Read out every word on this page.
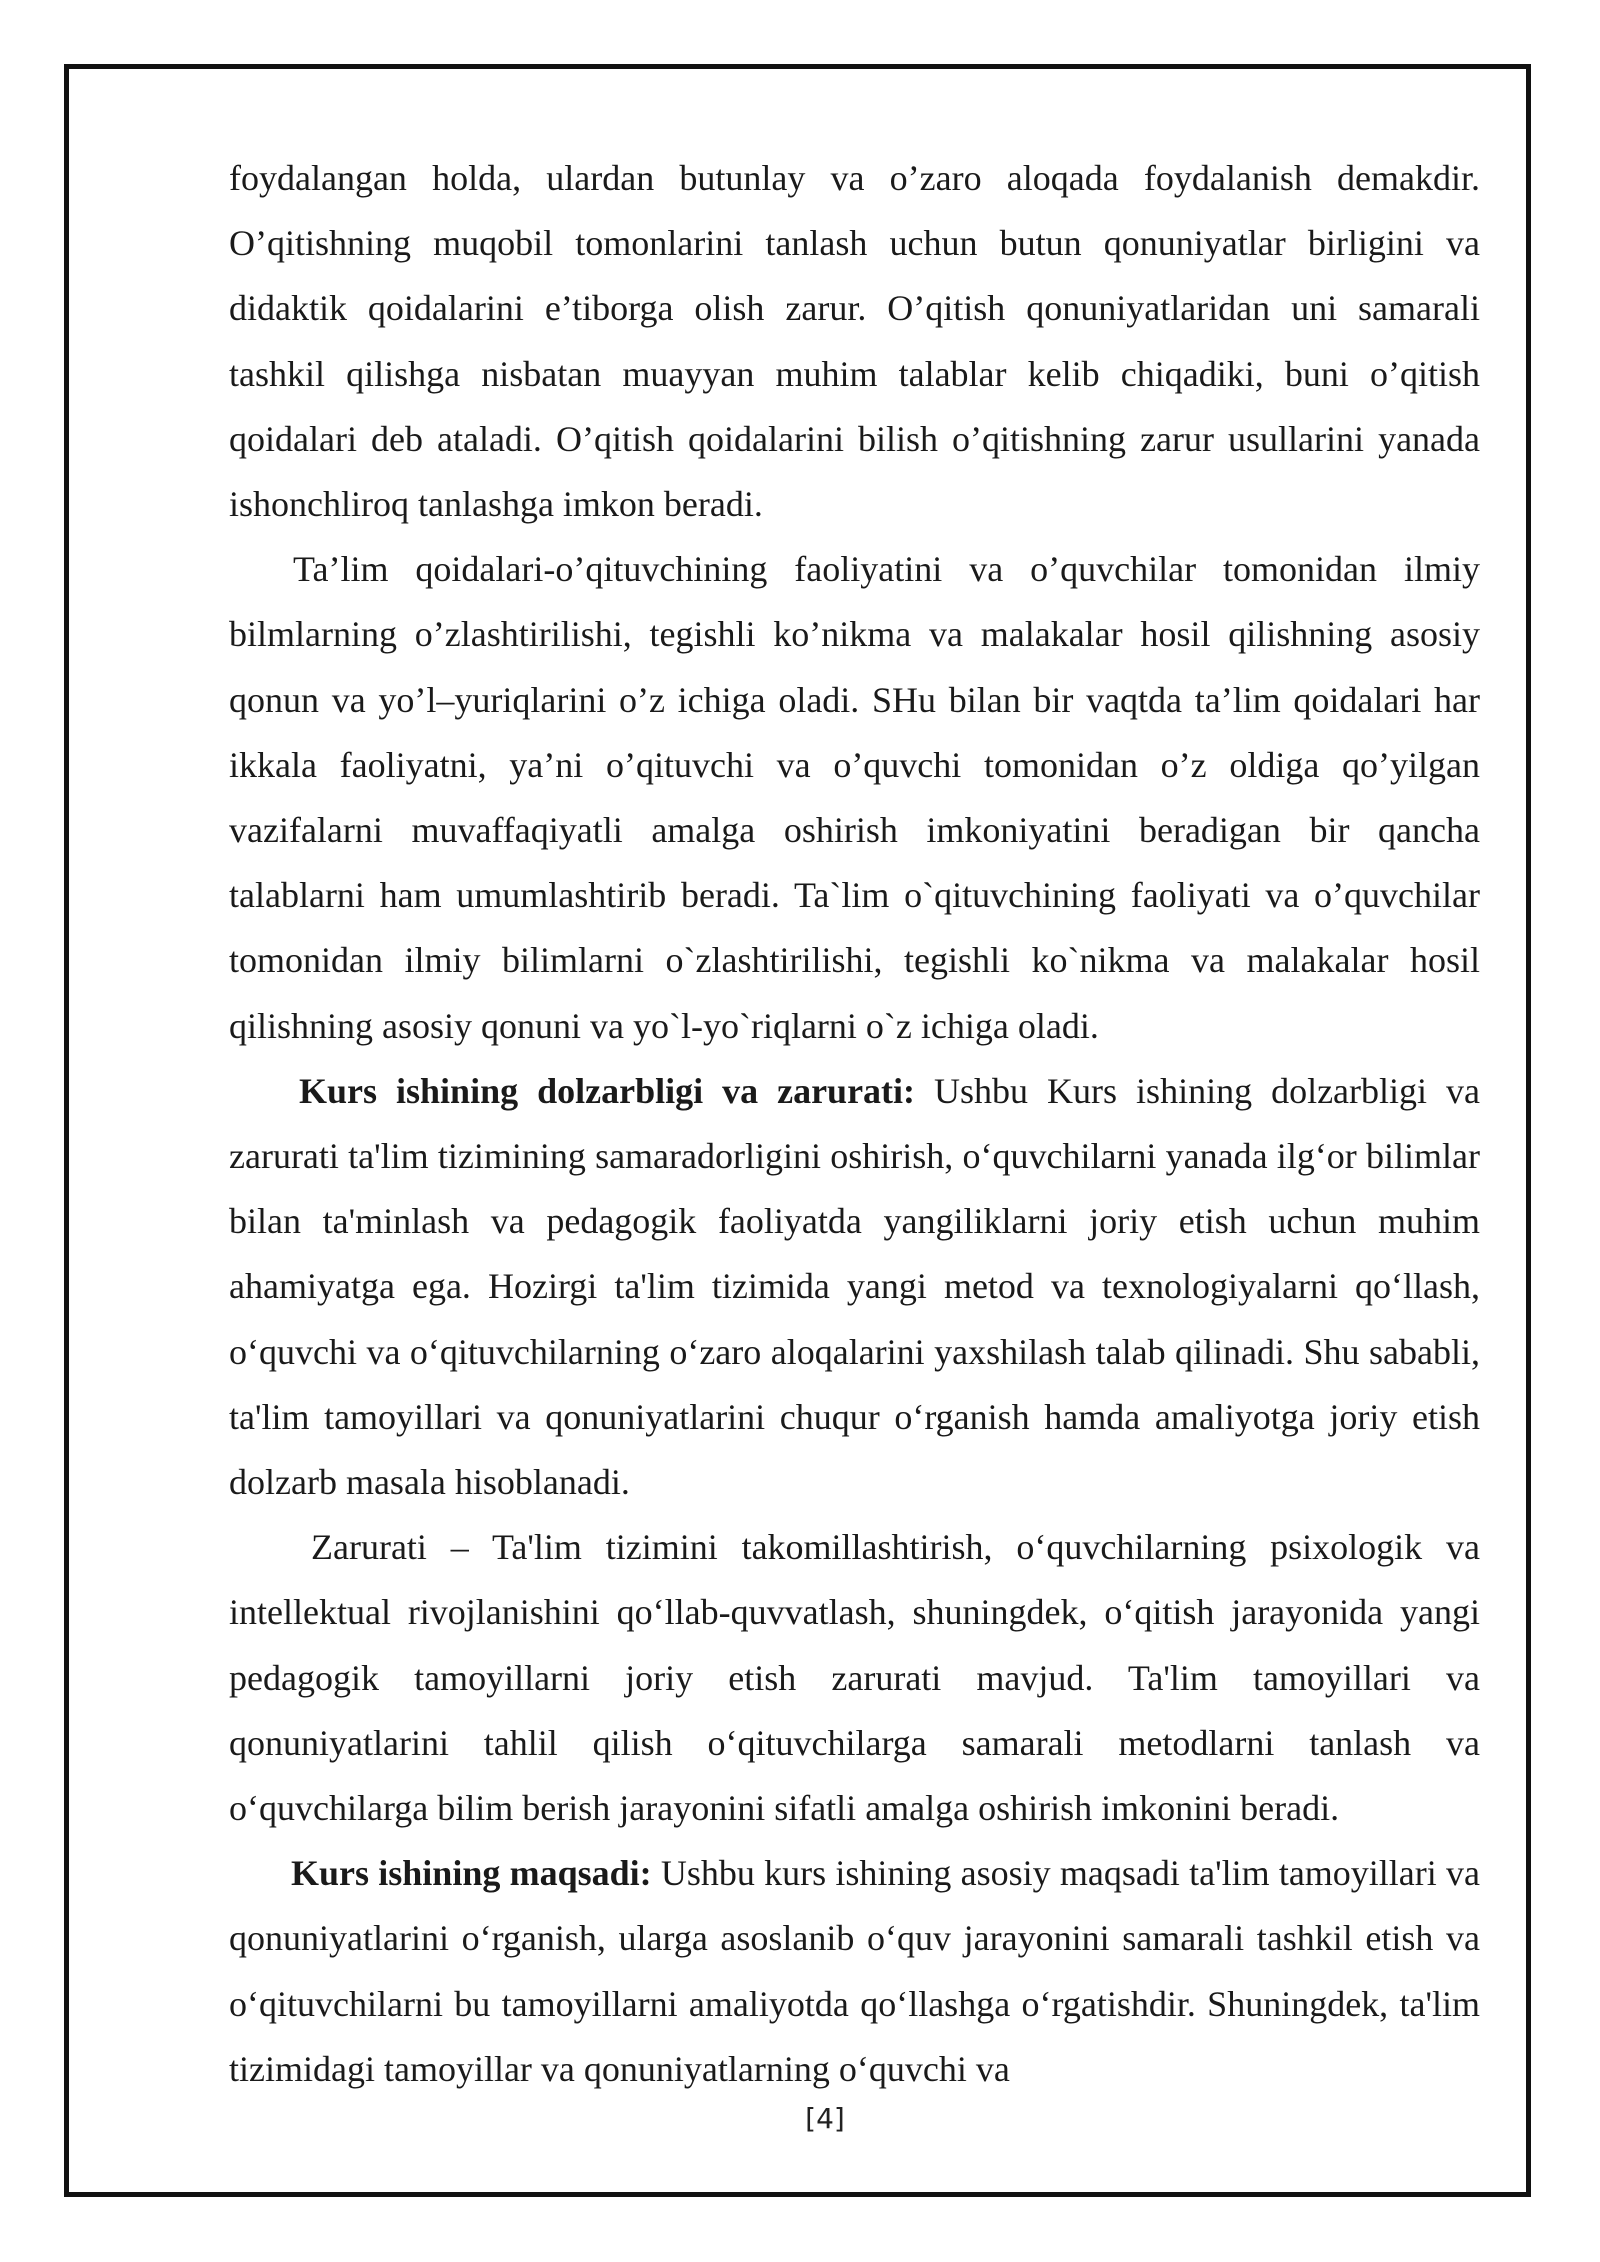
foydalangan holda, ulardan butunlay va o’zaro aloqada foydalanish demakdir. O’qitishning muqobil tomonlarini tanlash uchun butun qonuniyatlar birligini va didaktik qoidalarini e’tiborga olish zarur. O’qitish qonuniyatlaridan uni samarali tashkil qilishga nisbatan muayyan muhim talablar kelib chiqadiki, buni o’qitish qoidalari deb ataladi. O’qitish qoidalarini bilish o’qitishning zarur usullarini yanada ishonchliroq tanlashga imkon beradi.

Ta’lim qoidalari-o’qituvchining faoliyatini va o’quvchilar tomonidan ilmiy bilmlarning o’zlashtirilishi, tegishli ko’nikma va malakalar hosil qilishning asosiy qonun va yo’l–yuriqlarini o’z ichiga oladi. SHu bilan bir vaqtda ta’lim qoidalari har ikkala faoliyatni, ya’ni o’qituvchi va o’quvchi tomonidan o’z oldiga qo’yilgan vazifalarni muvaffaqiyatli amalga oshirish imkoniyatini beradigan bir qancha talablarni ham umumlashtirib beradi. Ta`lim o`qituvchining faoliyati va o’quvchilar tomonidan ilmiy bilimlarni o`zlashtirilishi, tegishli ko`nikma va malakalar hosil qilishning asosiy qonuni va yo`l-yo`riqlarni o`z ichiga oladi.

Kurs ishining dolzarbligi va zarurati: Ushbu Kurs ishining dolzarbligi va zarurati ta'lim tizimining samaradorligini oshirish, o‘quvchilarni yanada ilg‘or bilimlar bilan ta'minlash va pedagogik faoliyatda yangiliklarni joriy etish uchun muhim ahamiyatga ega. Hozirgi ta'lim tizimida yangi metod va texnologiyalarni qo‘llash, o‘quvchi va o‘qituvchilarning o‘zaro aloqalarini yaxshilash talab qilinadi. Shu sababli, ta'lim tamoyillari va qonuniyatlarini chuqur o‘rganish hamda amaliyotga joriy etish dolzarb masala hisoblanadi.

Zarurati – Ta'lim tizimini takomillashtirish, o‘quvchilarning psixologik va intellektual rivojlanishini qo‘llab-quvvatlash, shuningdek, o‘qitish jarayonida yangi pedagogik tamoyillarni joriy etish zarurati mavjud. Ta'lim tamoyillari va qonuniyatlarini tahlil qilish o‘qituvchilarga samarali metodlarni tanlash va o‘quvchilarga bilim berish jarayonini sifatli amalga oshirish imkonini beradi.

Kurs ishining maqsadi: Ushbu kurs ishining asosiy maqsadi ta'lim tamoyillari va qonuniyatlarini o‘rganish, ularga asoslanib o‘quv jarayonini samarali tashkil etish va o‘qituvchilarni bu tamoyillarni amaliyotda qo‘llashga o‘rgatishdir. Shuningdek, ta'lim tizimidagi tamoyillar va qonuniyatlarning o‘quvchi va

[4]
